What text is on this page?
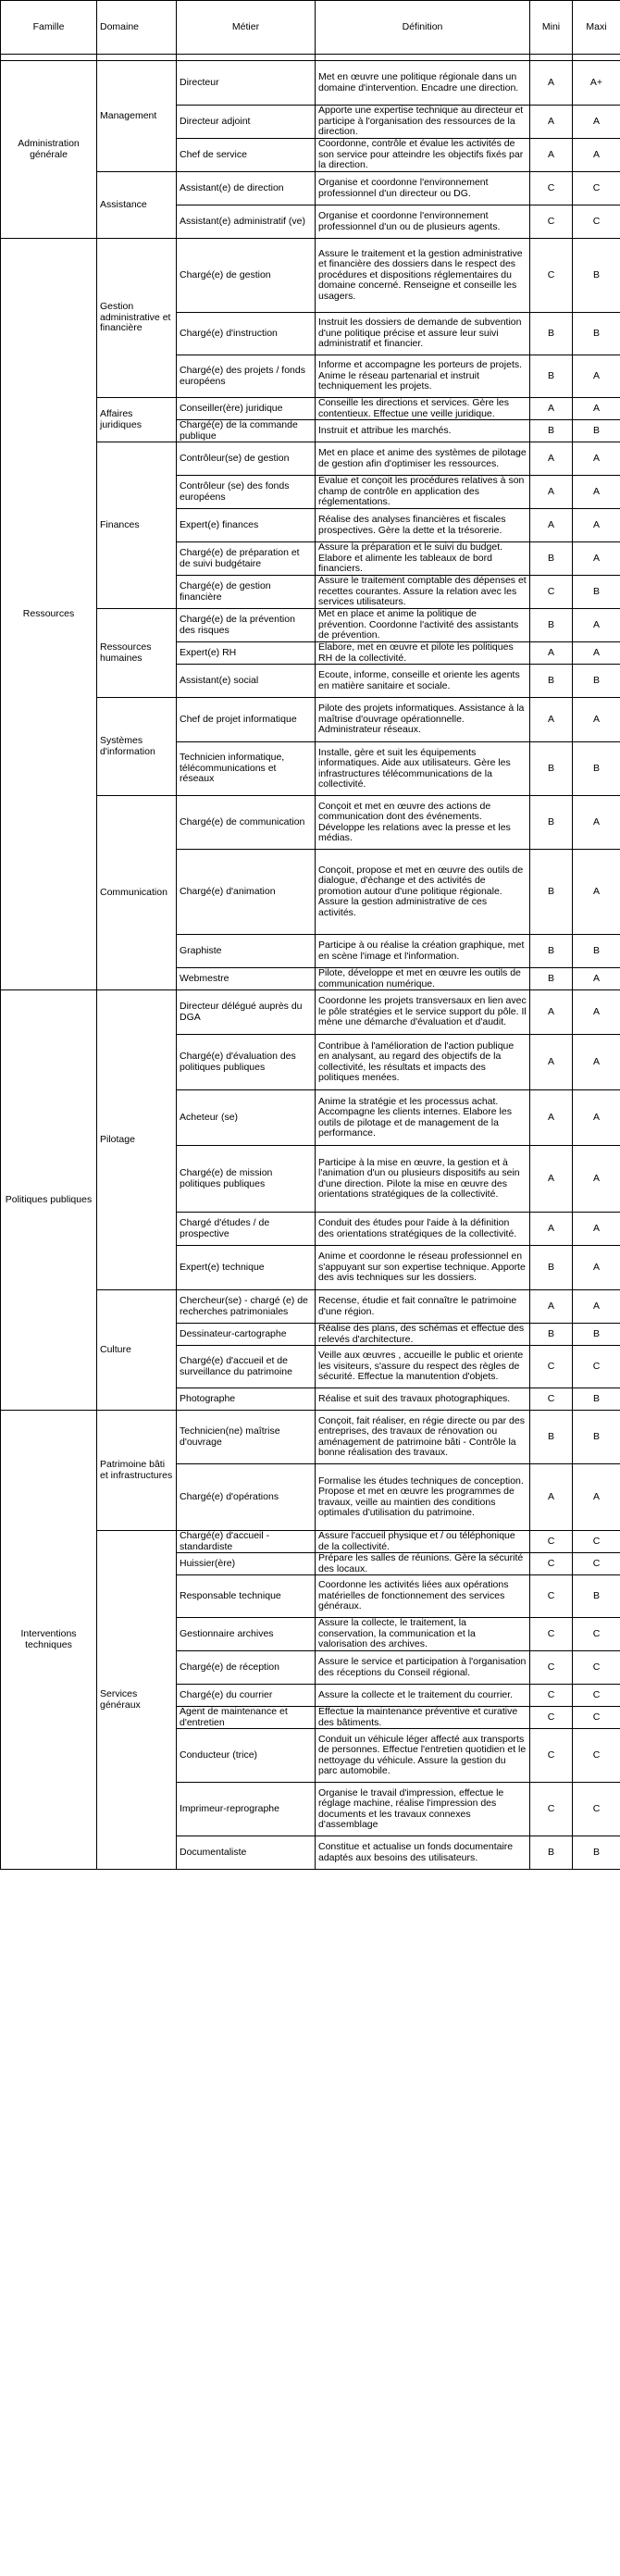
Famille	Domaine	Métier	Définition	Mini	Maxi

Administration générale	Management	Directeur	Met en œuvre une politique régionale dans un domaine d'intervention. Encadre une direction.	A	A+
		Directeur adjoint	Apporte une expertise technique au directeur et participe à l'organisation des ressources de la direction.	A	A
		Chef de service	Coordonne, contrôle et évalue les activités de son service pour atteindre les objectifs fixés par la direction.	A	A
	Assistance	Assistant(e) de direction	Organise et coordonne l'environnement professionnel d'un directeur ou DG.	C	C
		Assistant(e) administratif (ve)	Organise et coordonne l'environnement professionnel d'un ou de plusieurs agents.	C	C
Ressources	Gestion administrative et financière	Chargé(e) de gestion	Assure le traitement et la gestion administrative et financière des dossiers dans le respect des procédures et dispositions réglementaires du domaine concerné. Renseigne et conseille les usagers.	C	B
		Chargé(e) d'instruction	Instruit les dossiers de demande de subvention d'une politique précise et assure leur suivi administratif et financier.	B	B
		Chargé(e) des projets / fonds européens	Informe et accompagne les porteurs de projets. Anime le réseau partenarial et instruit techniquement les projets.	B	A
	Affaires juridiques	Conseiller(ère) juridique	Conseille les directions et services. Gère les contentieux. Effectue une veille juridique.	A	A
		Chargé(e) de la commande publique	Instruit et attribue les marchés.	B	B
	Finances	Contrôleur(se) de gestion	Met en place et anime des systèmes de pilotage de gestion afin d'optimiser les ressources.	A	A
		Contrôleur (se) des fonds européens	Evalue et conçoit les procédures relatives à son champ de contrôle en application des réglementations.	A	A
		Expert(e) finances	Réalise des analyses financières et fiscales prospectives. Gère la dette et la trésorerie.	A	A
		Chargé(e) de préparation et de suivi budgétaire	Assure la préparation et le suivi du budget. Elabore et alimente les tableaux de bord financiers.	B	A
		Chargé(e) de gestion financière	Assure le traitement comptable des dépenses et recettes courantes. Assure la relation avec les services utilisateurs.	C	B
	Ressources humaines	Chargé(e) de la prévention des risques	Met en place et anime la politique de prévention. Coordonne l'activité des assistants de prévention.	B	A
		Expert(e) RH	Elabore, met en œuvre et pilote les politiques RH de la collectivité.	A	A
		Assistant(e) social	Ecoute, informe, conseille et oriente les agents en matière sanitaire et sociale.	B	B
	Systèmes d'information	Chef de projet informatique	Pilote des projets informatiques. Assistance à la maîtrise d'ouvrage opérationnelle. Administrateur réseaux.	A	A
		Technicien informatique, télécommunications et réseaux	Installe, gère et suit les équipements informatiques. Aide aux utilisateurs. Gère les infrastructures télécommunications de la collectivité.	B	B
	Communication	Chargé(e) de communication	Conçoit et met en œuvre des actions de communication dont des événements. Développe les relations avec la presse et les médias.	B	A
		Chargé(e) d'animation	Conçoit, propose et met en œuvre des outils de dialogue, d'échange et des activités de promotion autour d'une politique régionale. Assure la gestion administrative de ces activités.	B	A
		Graphiste	Participe à ou réalise la création graphique, met en scène l'image et l'information.	B	B
		Webmestre	Pilote, développe et met en œuvre les outils de communication numérique.	B	A
Politiques publiques	Pilotage	Directeur délégué auprès du DGA	Coordonne les projets transversaux en lien avec le pôle stratégies et le service support du pôle. Il mène une démarche d'évaluation et d'audit.	A	A
		Chargé(e) d'évaluation des politiques publiques	Contribue à l'amélioration de l'action publique en analysant, au regard des objectifs de la collectivité, les résultats et impacts des politiques menées.	A	A
		Acheteur (se)	Anime la stratégie et les processus achat. Accompagne les clients internes. Elabore les outils de pilotage et de management de la performance.	A	A
		Chargé(e) de mission politiques publiques	Participe à la mise en œuvre, la gestion et à l'animation d'un ou plusieurs dispositifs au sein d'une direction. Pilote la mise en œuvre des orientations stratégiques de la collectivité.	A	A
		Chargé d'études / de prospective	Conduit des études pour l'aide à la définition des orientations stratégiques de la collectivité.	A	A
		Expert(e) technique	Anime et coordonne le réseau professionnel en s'appuyant sur son expertise technique. Apporte des avis techniques sur les dossiers.	B	A
	Culture	Chercheur(se) - chargé (e) de recherches patrimoniales	Recense, étudie et fait connaître le patrimoine d'une région.	A	A
		Dessinateur-cartographe	Réalise des plans, des schémas et effectue des relevés d'architecture.	B	B
		Chargé(e) d'accueil et de surveillance du patrimoine	Veille aux œuvres , accueille le public et oriente les visiteurs, s'assure du respect des règles de sécurité. Effectue la manutention d'objets.	C	C
		Photographe	Réalise et suit des travaux photographiques.	C	B
Interventions techniques	Patrimoine bâti et infrastructures	Technicien(ne) maîtrise d'ouvrage	Conçoit, fait réaliser, en régie directe ou par des entreprises, des travaux de rénovation ou aménagement de patrimoine bâti - Contrôle la bonne réalisation des travaux.	B	B
		Chargé(e) d'opérations	Formalise les études techniques de conception. Propose et met en œuvre les programmes de travaux, veille au maintien des conditions optimales d'utilisation du patrimoine.	A	A
	Services généraux	Chargé(e) d'accueil - standardiste	Assure l'accueil physique et / ou téléphonique de la collectivité.	C	C
		Huissier(ère)	Prépare les salles de réunions. Gère la sécurité des locaux.	C	C
		Responsable technique	Coordonne les activités liées aux opérations matérielles de fonctionnement des services généraux.	C	B
		Gestionnaire archives	Assure la collecte, le traitement, la conservation, la communication et la valorisation des archives.	C	C
		Chargé(e) de réception	Assure le service et participation à l'organisation des réceptions du Conseil régional.	C	C
		Chargé(e) du courrier	Assure la collecte et le traitement du courrier.	C	C
		Agent de maintenance et d'entretien	Effectue la maintenance préventive et curative des bâtiments.	C	C
		Conducteur (trice)	Conduit un véhicule léger affecté aux transports de personnes. Effectue l'entretien quotidien et le nettoyage du véhicule. Assure la gestion du parc automobile.	C	C
		Imprimeur-reprographe	Organise le travail d'impression, effectue le réglage machine, réalise l'impression des documents et les travaux connexes d'assemblage	C	C
		Documentaliste	Constitue et actualise un fonds documentaire adaptés aux besoins des utilisateurs.	B	B
